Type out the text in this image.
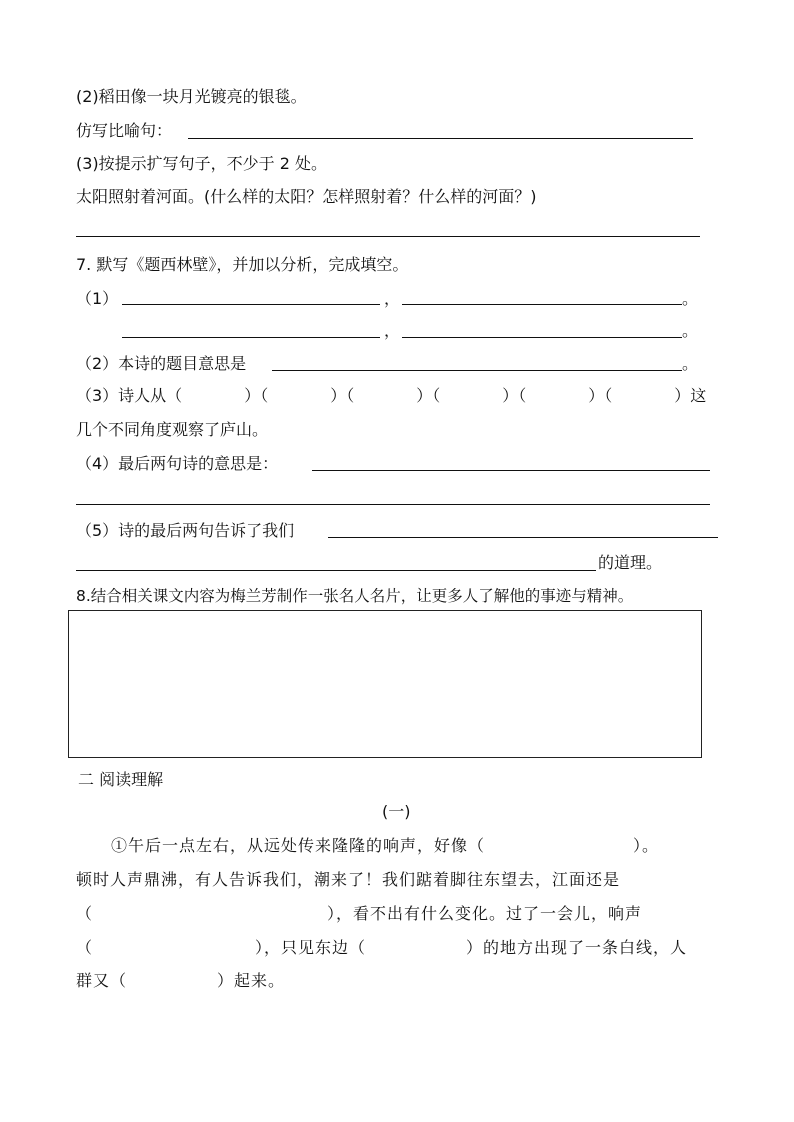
(2)稻田像一块月光镀亮的银毯。
仿写比喻句：
(3)按提示扩写句子，不少于 2 处。
太阳照射着河面。(什么样的太阳？怎样照射着？什么样的河面？)
7. 默写《题西林壁》，并加以分析，完成填空。
（1）	，	。
，	。
（2）本诗的题目意思是	。
（3）诗人从（	）（	）（	）（	）（	）（	）这
几个不同角度观察了庐山。
（4）最后两句诗的意思是：
（5）诗的最后两句告诉了我们
的道理。
8.结合相关课文内容为梅兰芳制作一张名人名片，让更多人了解他的事迹与精神。
二 阅读理解
(一)
①午后一点左右，从远处传来隆隆的响声，好像（	）。
顿时人声鼎沸，有人告诉我们，潮来了！我们踮着脚往东望去，江面还是
（	），看不出有什么变化。过了一会儿，响声
（	），只见东边（	）的地方出现了一条白线，人
群又（	）起来。
